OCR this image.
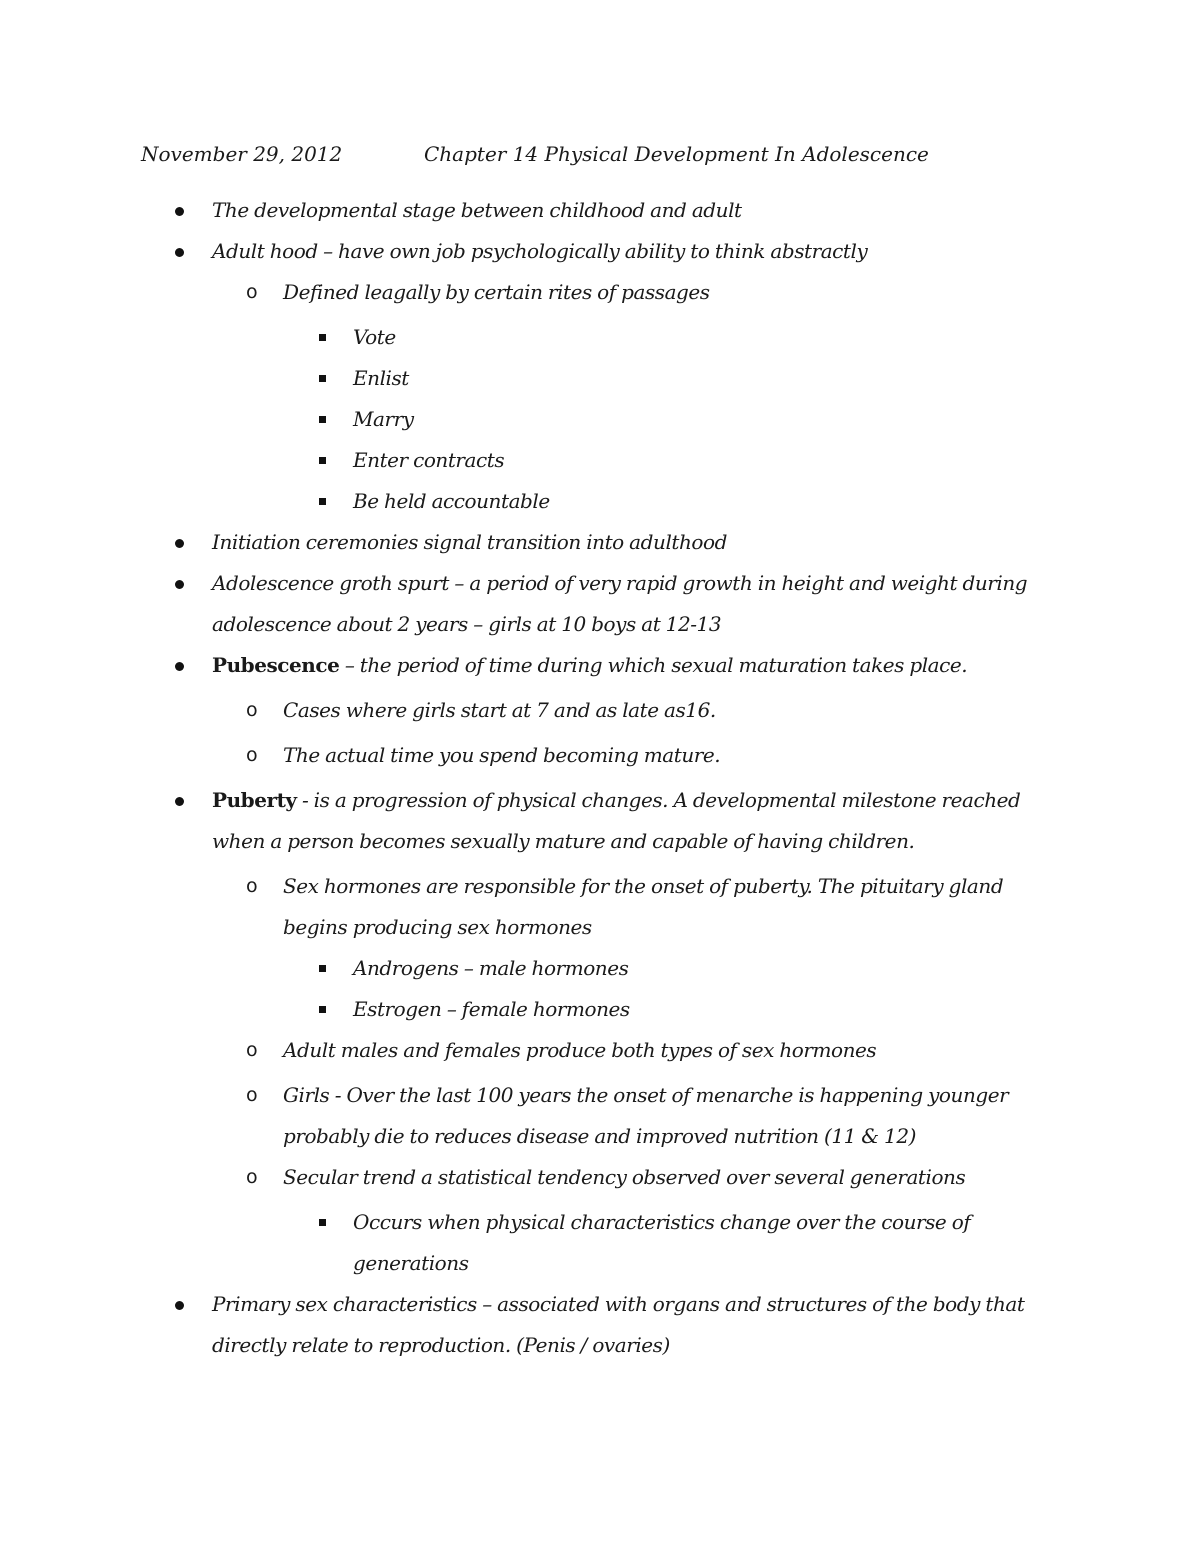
November 29, 2012	Chapter 14 Physical Development In Adolescence
The developmental stage between childhood and adult
Adult hood – have own job psychologically ability to think abstractly
o Defined leagally by certain rites of passages
Vote
Enlist
Marry
Enter contracts
Be held accountable
Initiation ceremonies signal transition into adulthood
Adolescence groth spurt – a period of very rapid growth in height and weight during adolescence about 2 years – girls at 10 boys at 12-13
Pubescence – the period of time during which sexual maturation takes place.
o Cases where girls start at 7 and as late as16.
o The actual time you spend becoming mature.
Puberty - is a progression of physical changes. A developmental milestone reached when a person becomes sexually mature and capable of having children.
o Sex hormones are responsible for the onset of puberty. The pituitary gland begins producing sex hormones
Androgens – male hormones
Estrogen – female hormones
o Adult males and females produce both types of sex hormones
o Girls - Over the last 100 years the onset of menarche is happening younger probably die to reduces disease and improved nutrition (11 & 12)
o Secular trend a statistical tendency observed over several generations
Occurs when physical characteristics change over the course of generations
Primary sex characteristics – associated with organs and structures of the body that directly relate to reproduction. (Penis / ovaries)
